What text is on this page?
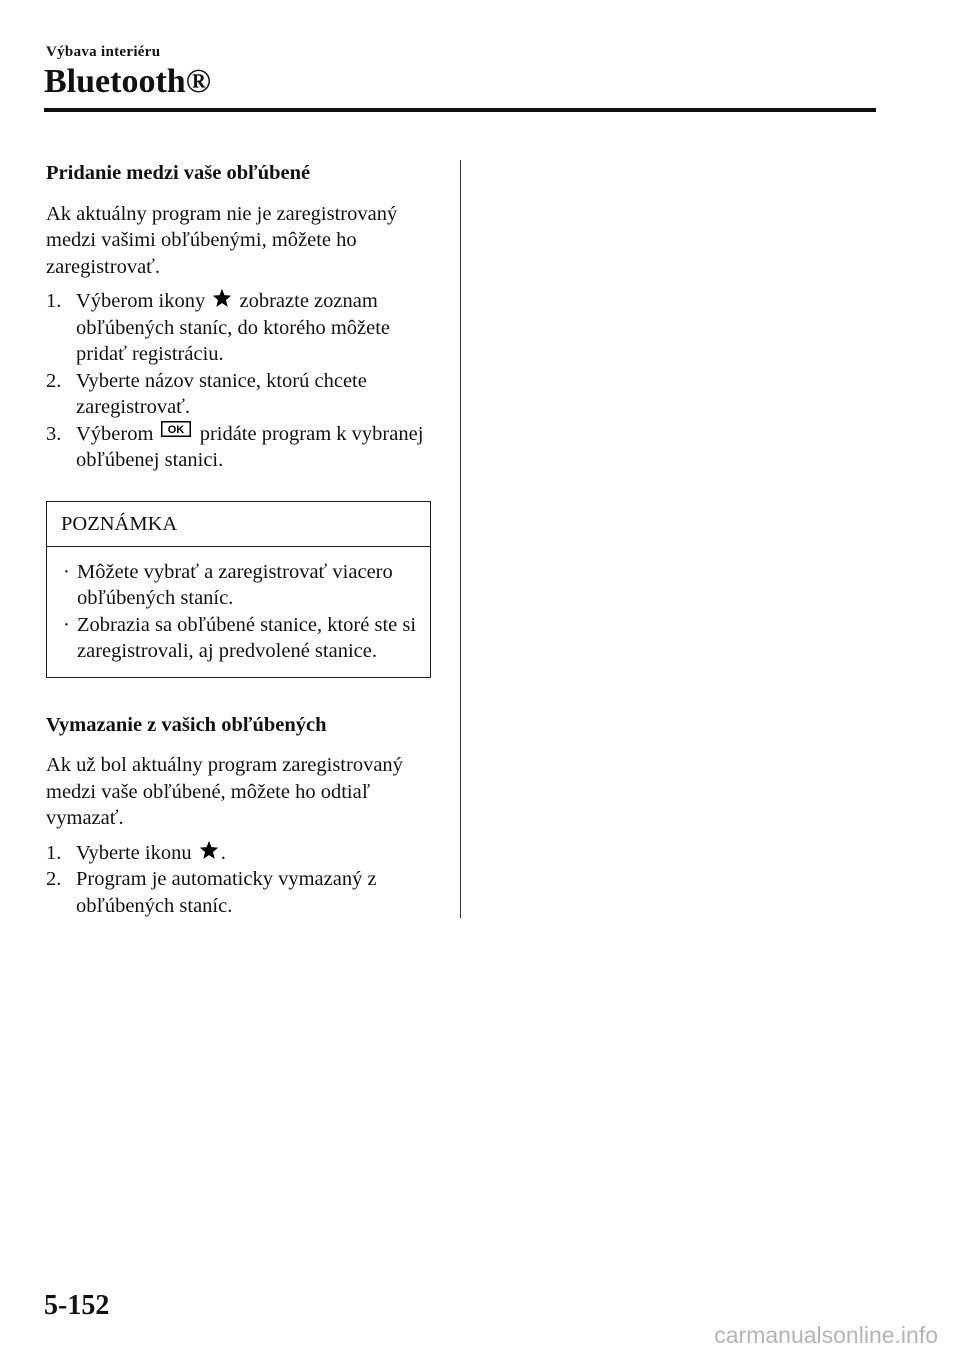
Výbava interiéru
Bluetooth®
Pridanie medzi vaše obľúbené

Ak aktuálny program nie je zaregistrovaný medzi vašimi obľúbenými, môžete ho zaregistrovať.

1. Výberom ikony zobrazte zoznam obľúbených staníc, do ktorého môžete pridať registráciu.

2. Vyberte názov stanice, ktorú chcete zaregistrovať.

3. Výberom OK pridáte program k vybranej obľúbenej stanici.

POZNÁMKA

· Môžete vybrať a zaregistrovať viacero obľúbených staníc.

· Zobrazia sa obľúbené stanice, ktoré ste si zaregistrovali, aj predvolené stanice.

Vymazanie z vašich obľúbených

Ak už bol aktuálny program zaregistrovaný medzi vaše obľúbené, môžete ho odtiaľ vymazať.

1. Vyberte ikonu .

2. Program je automaticky vymazaný z obľúbených staníc.

5-152
carmanualsonline.info
